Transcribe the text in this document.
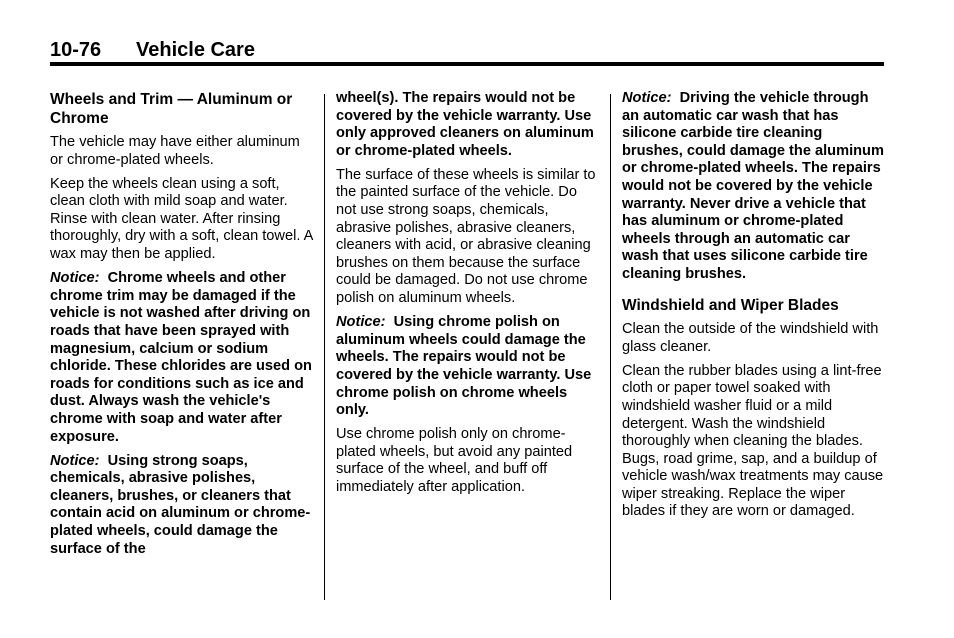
10-76 Vehicle Care
Wheels and Trim — Aluminum or Chrome

The vehicle may have either aluminum or chrome-plated wheels.

Keep the wheels clean using a soft, clean cloth with mild soap and water. Rinse with clean water. After rinsing thoroughly, dry with a soft, clean towel. A wax may then be applied.

Notice: Chrome wheels and other chrome trim may be damaged if the vehicle is not washed after driving on roads that have been sprayed with magnesium, calcium or sodium chloride. These chlorides are used on roads for conditions such as ice and dust. Always wash the vehicle's chrome with soap and water after exposure.

Notice: Using strong soaps, chemicals, abrasive polishes, cleaners, brushes, or cleaners that contain acid on aluminum or chrome-plated wheels, could damage the surface of the

wheel(s). The repairs would not be covered by the vehicle warranty. Use only approved cleaners on aluminum or chrome-plated wheels.

The surface of these wheels is similar to the painted surface of the vehicle. Do not use strong soaps, chemicals, abrasive polishes, abrasive cleaners, cleaners with acid, or abrasive cleaning brushes on them because the surface could be damaged. Do not use chrome polish on aluminum wheels.

Notice: Using chrome polish on aluminum wheels could damage the wheels. The repairs would not be covered by the vehicle warranty. Use chrome polish on chrome wheels only.

Use chrome polish only on chrome-plated wheels, but avoid any painted surface of the wheel, and buff off immediately after application.

Notice: Driving the vehicle through an automatic car wash that has silicone carbide tire cleaning brushes, could damage the aluminum or chrome-plated wheels. The repairs would not be covered by the vehicle warranty. Never drive a vehicle that has aluminum or chrome-plated wheels through an automatic car wash that uses silicone carbide tire cleaning brushes.

Windshield and Wiper Blades

Clean the outside of the windshield with glass cleaner.

Clean the rubber blades using a lint-free cloth or paper towel soaked with windshield washer fluid or a mild detergent. Wash the windshield thoroughly when cleaning the blades. Bugs, road grime, sap, and a buildup of vehicle wash/wax treatments may cause wiper streaking. Replace the wiper blades if they are worn or damaged.
